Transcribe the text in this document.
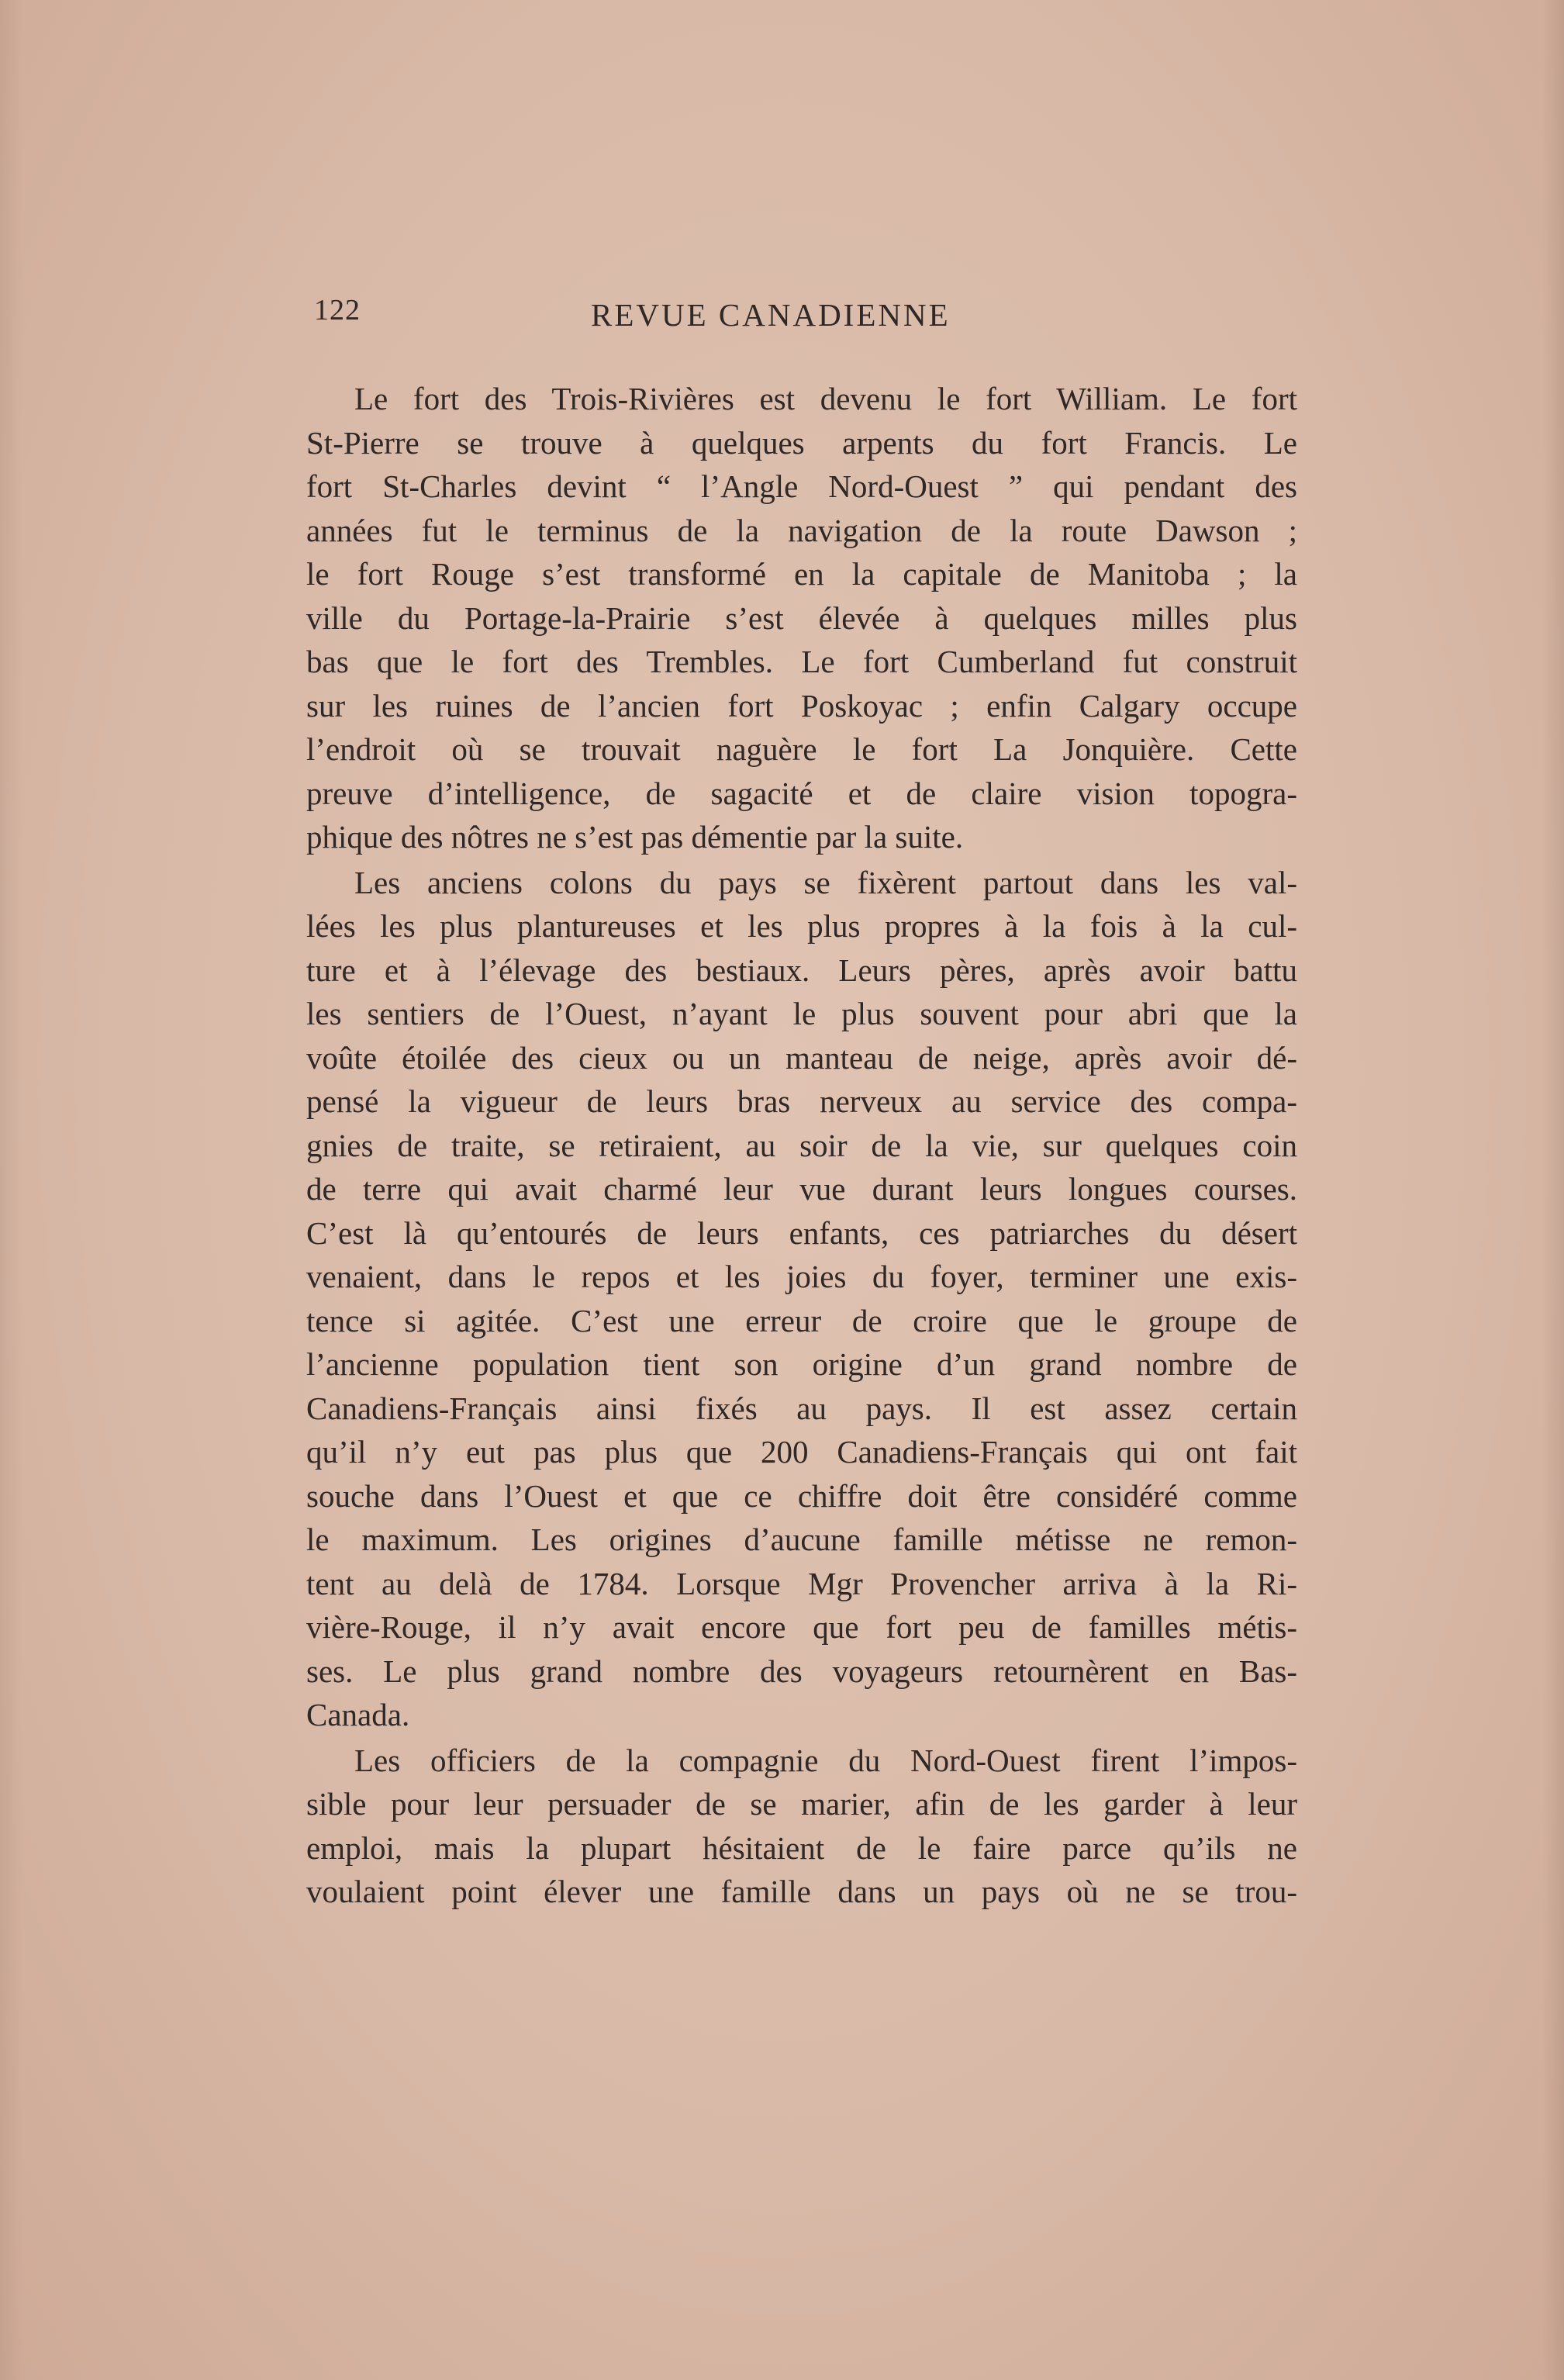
122	REVUE CANADIENNE

Le fort des Trois-Rivières est devenu le fort William. Le fort
St-Pierre se trouve à quelques arpents du fort Francis. Le
fort St-Charles devint “ l’Angle Nord-Ouest ” qui pendant des
années fut le terminus de la navigation de la route Dawson ;
le fort Rouge s’est transformé en la capitale de Manitoba ; la
ville du Portage-la-Prairie s’est élevée à quelques milles plus
bas que le fort des Trembles. Le fort Cumberland fut construit
sur les ruines de l’ancien fort Poskoyac ; enfin Calgary occupe
l’endroit où se trouvait naguère le fort La Jonquière. Cette
preuve d’intelligence, de sagacité et de claire vision topogra-
phique des nôtres ne s’est pas démentie par la suite.

Les anciens colons du pays se fixèrent partout dans les val-
lées les plus plantureuses et les plus propres à la fois à la cul-
ture et à l’élevage des bestiaux. Leurs pères, après avoir battu
les sentiers de l’Ouest, n’ayant le plus souvent pour abri que la
voûte étoilée des cieux ou un manteau de neige, après avoir dé-
pensé la vigueur de leurs bras nerveux au service des compa-
gnies de traite, se retiraient, au soir de la vie, sur quelques coin
de terre qui avait charmé leur vue durant leurs longues courses.
C’est là qu’entourés de leurs enfants, ces patriarches du désert
venaient, dans le repos et les joies du foyer, terminer une exis-
tence si agitée. C’est une erreur de croire que le groupe de
l’ancienne population tient son origine d’un grand nombre de
Canadiens-Français ainsi fixés au pays. Il est assez certain
qu’il n’y eut pas plus que 200 Canadiens-Français qui ont fait
souche dans l’Ouest et que ce chiffre doit être considéré comme
le maximum. Les origines d’aucune famille métisse ne remon-
tent au delà de 1784. Lorsque Mgr Provencher arriva à la Ri-
vière-Rouge, il n’y avait encore que fort peu de familles métis-
ses. Le plus grand nombre des voyageurs retournèrent en Bas-
Canada.

Les officiers de la compagnie du Nord-Ouest firent l’impos-
sible pour leur persuader de se marier, afin de les garder à leur
emploi, mais la plupart hésitaient de le faire parce qu’ils ne
voulaient point élever une famille dans un pays où ne se trou-
